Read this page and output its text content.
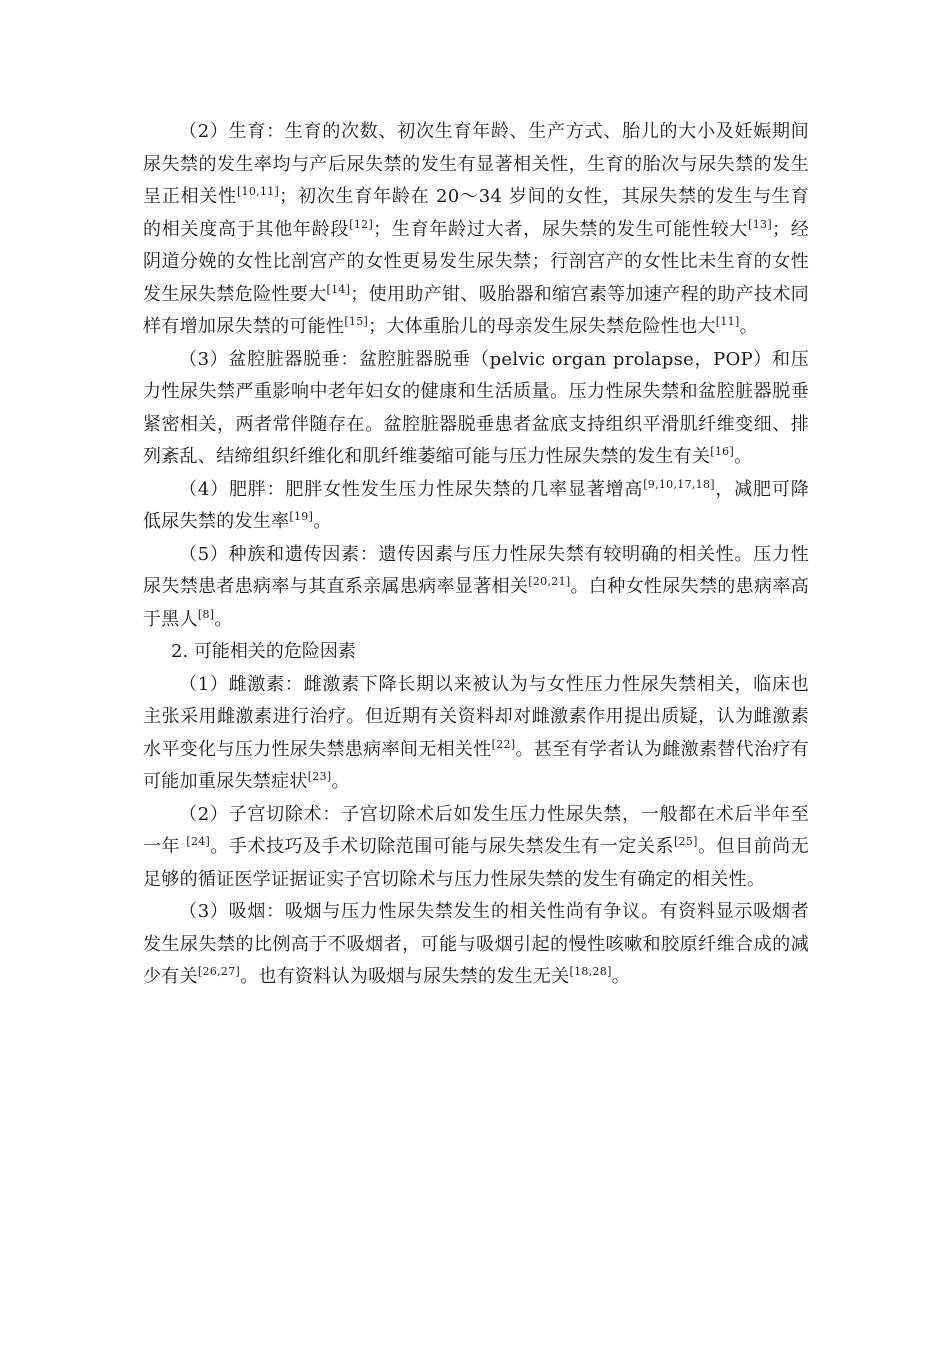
（2）生育：生育的次数、初次生育年龄、生产方式、胎儿的大小及妊娠期间尿失禁的发生率均与产后尿失禁的发生有显著相关性，生育的胎次与尿失禁的发生呈正相关性[10,11]；初次生育年龄在 20～34 岁间的女性，其尿失禁的发生与生育的相关度高于其他年龄段[12]；生育年龄过大者，尿失禁的发生可能性较大[13]；经阴道分娩的女性比剖宫产的女性更易发生尿失禁；行剖宫产的女性比未生育的女性发生尿失禁危险性要大[14]；使用助产钳、吸胎器和缩宫素等加速产程的助产技术同样有增加尿失禁的可能性[15]；大体重胎儿的母亲发生尿失禁危险性也大[11]。

（3）盆腔脏器脱垂：盆腔脏器脱垂（pelvic organ prolapse，POP）和压力性尿失禁严重影响中老年妇女的健康和生活质量。压力性尿失禁和盆腔脏器脱垂紧密相关，两者常伴随存在。盆腔脏器脱垂患者盆底支持组织平滑肌纤维变细、排列紊乱、结缔组织纤维化和肌纤维萎缩可能与压力性尿失禁的发生有关[16]。

（4）肥胖：肥胖女性发生压力性尿失禁的几率显著增高[9,10,17,18]，减肥可降低尿失禁的发生率[19]。

（5）种族和遗传因素：遗传因素与压力性尿失禁有较明确的相关性。压力性尿失禁患者患病率与其直系亲属患病率显著相关[20,21]。白种女性尿失禁的患病率高于黑人[8]。

2. 可能相关的危险因素

（1）雌激素：雌激素下降长期以来被认为与女性压力性尿失禁相关，临床也主张采用雌激素进行治疗。但近期有关资料却对雌激素作用提出质疑，认为雌激素水平变化与压力性尿失禁患病率间无相关性[22]。甚至有学者认为雌激素替代治疗有可能加重尿失禁症状[23]。

（2）子宫切除术：子宫切除术后如发生压力性尿失禁，一般都在术后半年至一年 [24]。手术技巧及手术切除范围可能与尿失禁发生有一定关系[25]。但目前尚无足够的循证医学证据证实子宫切除术与压力性尿失禁的发生有确定的相关性。

（3）吸烟：吸烟与压力性尿失禁发生的相关性尚有争议。有资料显示吸烟者发生尿失禁的比例高于不吸烟者，可能与吸烟引起的慢性咳嗽和胶原纤维合成的减少有关[26,27]。也有资料认为吸烟与尿失禁的发生无关[18,28]。
